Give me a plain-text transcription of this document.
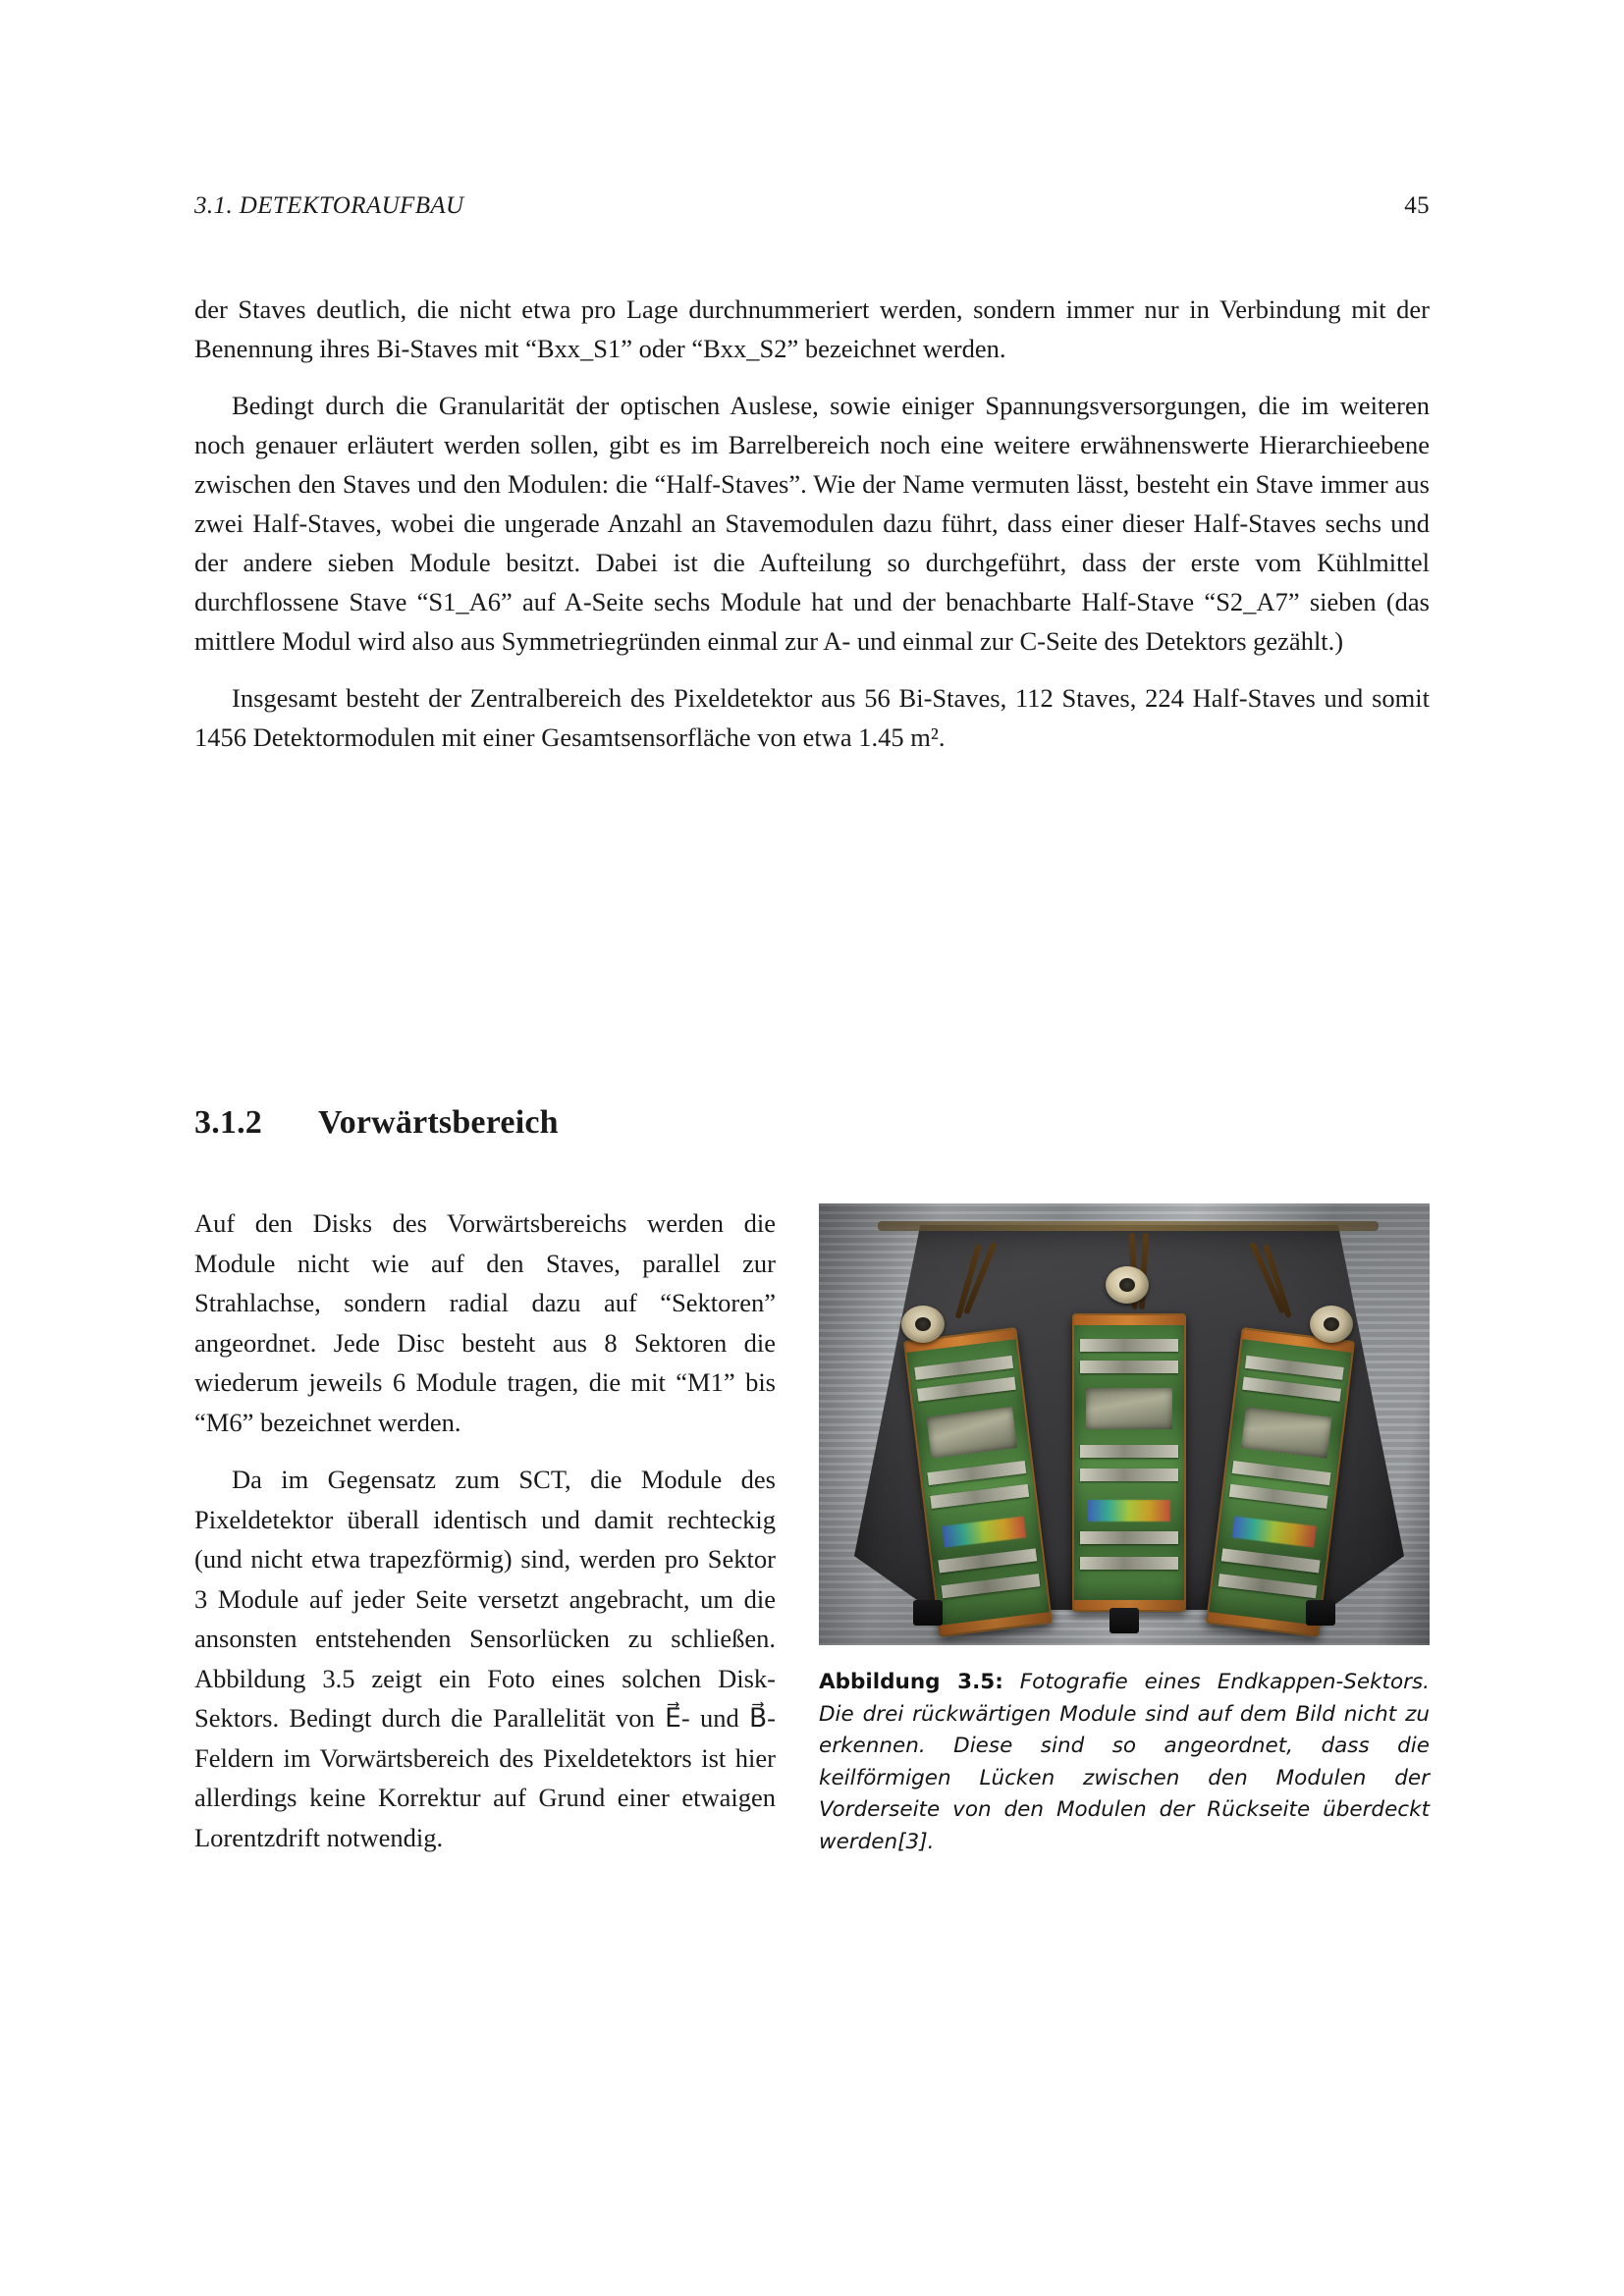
3.1. DETEKTORAUFBAU	45

der Staves deutlich, die nicht etwa pro Lage durchnummeriert werden, sondern immer nur in Verbindung mit der Benennung ihres Bi-Staves mit “Bxx_S1” oder “Bxx_S2” bezeichnet werden.

Bedingt durch die Granularität der optischen Auslese, sowie einiger Spannungsversorgungen, die im weiteren noch genauer erläutert werden sollen, gibt es im Barrelbereich noch eine weitere erwähnenswerte Hierarchieebene zwischen den Staves und den Modulen: die “Half-Staves”. Wie der Name vermuten lässt, besteht ein Stave immer aus zwei Half-Staves, wobei die ungerade Anzahl an Stavemodulen dazu führt, dass einer dieser Half-Staves sechs und der andere sieben Module besitzt. Dabei ist die Aufteilung so durchgeführt, dass der erste vom Kühlmittel durchflossene Stave “S1_A6” auf A-Seite sechs Module hat und der benachbarte Half-Stave “S2_A7” sieben (das mittlere Modul wird also aus Symmetriegründen einmal zur A- und einmal zur C-Seite des Detektors gezählt.)

Insgesamt besteht der Zentralbereich des Pixeldetektor aus 56 Bi-Staves, 112 Staves, 224 Half-Staves und somit 1456 Detektormodulen mit einer Gesamtsensorfläche von etwa 1.45 m².

3.1.2 Vorwärtsbereich

Auf den Disks des Vorwärtsbereichs werden die Module nicht wie auf den Staves, parallel zur Strahlachse, sondern radial dazu auf “Sektoren” angeordnet. Jede Disc besteht aus 8 Sektoren die wiederum jeweils 6 Module tragen, die mit “M1” bis “M6” bezeichnet werden.

Da im Gegensatz zum SCT, die Module des Pixeldetektor überall identisch und damit rechteckig (und nicht etwa trapezförmig) sind, werden pro Sektor 3 Module auf jeder Seite versetzt angebracht, um die ansonsten entstehenden Sensorlücken zu schließen. Abbildung 3.5 zeigt ein Foto eines solchen Disk-Sektors. Bedingt durch die Parallelität von E⃗- und B⃗-Feldern im Vorwärtsbereich des Pixeldetektors ist hier allerdings keine Korrektur auf Grund einer etwaigen Lorentzdrift notwendig.

Abbildung 3.5: Fotografie eines Endkappen-Sektors. Die drei rückwärtigen Module sind auf dem Bild nicht zu erkennen. Diese sind so angeordnet, dass die keilförmigen Lücken zwischen den Modulen der Vorderseite von den Modulen der Rückseite überdeckt werden[3].
